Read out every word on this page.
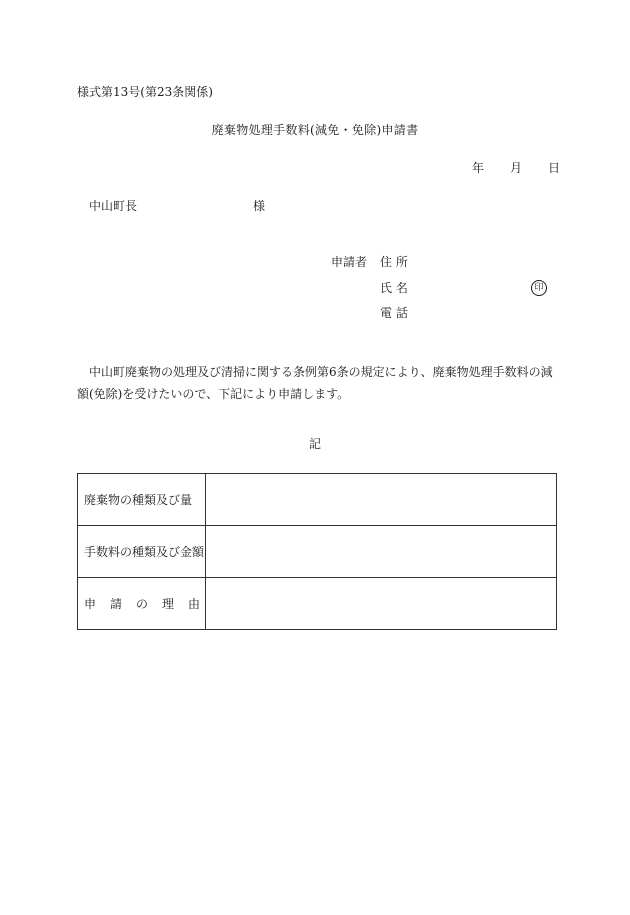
様式第13号(第23条関係)
廃棄物処理手数料(減免・免除)申請書
年 月 日
中山町長	様
申請者 住 所
氏 名	印
電 話
中山町廃棄物の処理及び清掃に関する条例第6条の規定により、廃棄物処理手数料の減額(免除)を受けたいので、下記により申請します。
記
廃棄物の種類及び量	
手数料の種類及び金額	
申請の理由	
